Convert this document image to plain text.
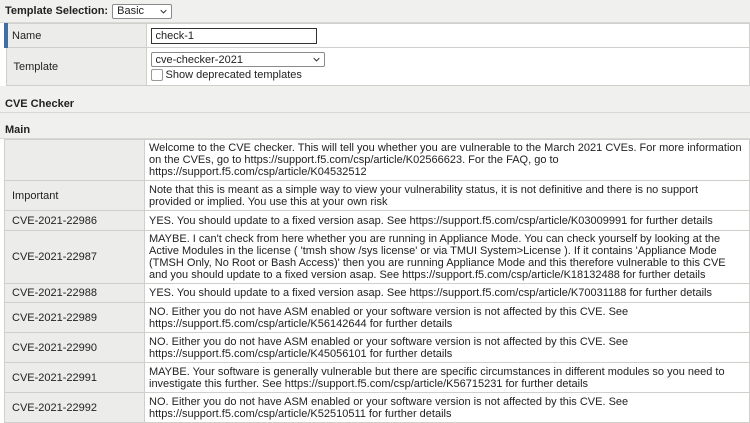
Template Selection: Basic
Name	check-1

Template	cve-checker-2021
Show deprecated templates
CVE Checker
Main
	Welcome to the CVE checker. This will tell you whether you are vulnerable to the March 2021 CVEs. For more information on the CVEs, go to https://support.f5.com/csp/article/K02566623. For the FAQ, go to https://support.f5.com/csp/article/K04532512
Important	Note that this is meant as a simple way to view your vulnerability status, it is not definitive and there is no support provided or implied. You use this at your own risk
CVE-2021-22986	YES. You should update to a fixed version asap. See https://support.f5.com/csp/article/K03009991 for further details
CVE-2021-22987	MAYBE. I can't check from here whether you are running in Appliance Mode. You can check yourself by looking at the Active Modules in the license ( 'tmsh show /sys license' or via TMUI System>License ). If it contains 'Appliance Mode (TMSH Only, No Root or Bash Access)' then you are running Appliance Mode and this therefore vulnerable to this CVE and you should update to a fixed version asap. See https://support.f5.com/csp/article/K18132488 for further details
CVE-2021-22988	YES. You should update to a fixed version asap. See https://support.f5.com/csp/article/K70031188 for further details
CVE-2021-22989	NO. Either you do not have ASM enabled or your software version is not affected by this CVE. See https://support.f5.com/csp/article/K56142644 for further details
CVE-2021-22990	NO. Either you do not have ASM enabled or your software version is not affected by this CVE. See https://support.f5.com/csp/article/K45056101 for further details
CVE-2021-22991	MAYBE. Your software is generally vulnerable but there are specific circumstances in different modules so you need to investigate this further. See https://support.f5.com/csp/article/K56715231 for further details
CVE-2021-22992	NO. Either you do not have ASM enabled or your software version is not affected by this CVE. See https://support.f5.com/csp/article/K52510511 for further details
